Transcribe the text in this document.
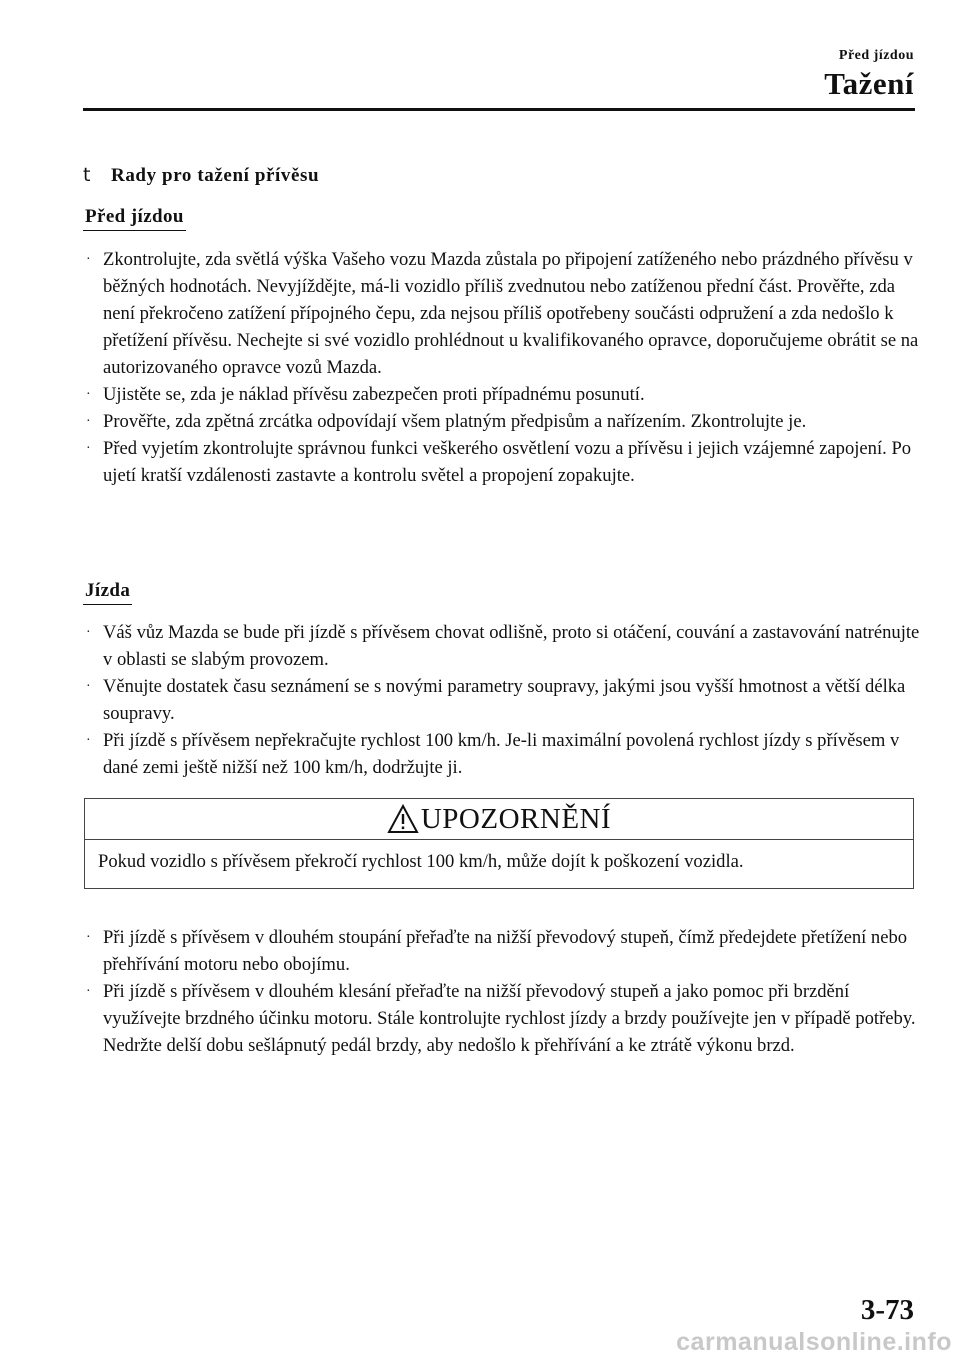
Před jízdou
Tažení
t Rady pro tažení přívěsu
Před jízdou
· Zkontrolujte, zda světlá výška Vašeho vozu Mazda zůstala po připojení zatíženého nebo prázdného přívěsu v běžných hodnotách. Nevyjíždějte, má-li vozidlo příliš zvednutou nebo zatíženou přední část. Prověřte, zda není překročeno zatížení přípojného čepu, zda nejsou příliš opotřebeny součásti odpružení a zda nedošlo k přetížení přívěsu. Nechejte si své vozidlo prohlédnout u kvalifikovaného opravce, doporučujeme obrátit se na autorizovaného opravce vozů Mazda.
· Ujistěte se, zda je náklad přívěsu zabezpečen proti případnému posunutí.
· Prověřte, zda zpětná zrcátka odpovídají všem platným předpisům a nařízením. Zkontrolujte je.
· Před vyjetím zkontrolujte správnou funkci veškerého osvětlení vozu a přívěsu i jejich vzájemné zapojení. Po ujetí kratší vzdálenosti zastavte a kontrolu světel a propojení zopakujte.
Jízda
· Váš vůz Mazda se bude při jízdě s přívěsem chovat odlišně, proto si otáčení, couvání a zastavování natrénujte v oblasti se slabým provozem.
· Věnujte dostatek času seznámení se s novými parametry soupravy, jakými jsou vyšší hmotnost a větší délka soupravy.
· Při jízdě s přívěsem nepřekračujte rychlost 100 km/h. Je-li maximální povolená rychlost jízdy s přívěsem v dané zemi ještě nižší než 100 km/h, dodržujte ji.
UPOZORNĚNÍ
Pokud vozidlo s přívěsem překročí rychlost 100 km/h, může dojít k poškození vozidla.
· Při jízdě s přívěsem v dlouhém stoupání přeřaďte na nižší převodový stupeň, čímž předejdete přetížení nebo přehřívání motoru nebo obojímu.
· Při jízdě s přívěsem v dlouhém klesání přeřaďte na nižší převodový stupeň a jako pomoc při brzdění využívejte brzdného účinku motoru. Stále kontrolujte rychlost jízdy a brzdy používejte jen v případě potřeby. Nedržte delší dobu sešlápnutý pedál brzdy, aby nedošlo k přehřívání a ke ztrátě výkonu brzd.
3-73
carmanualsonline.info
